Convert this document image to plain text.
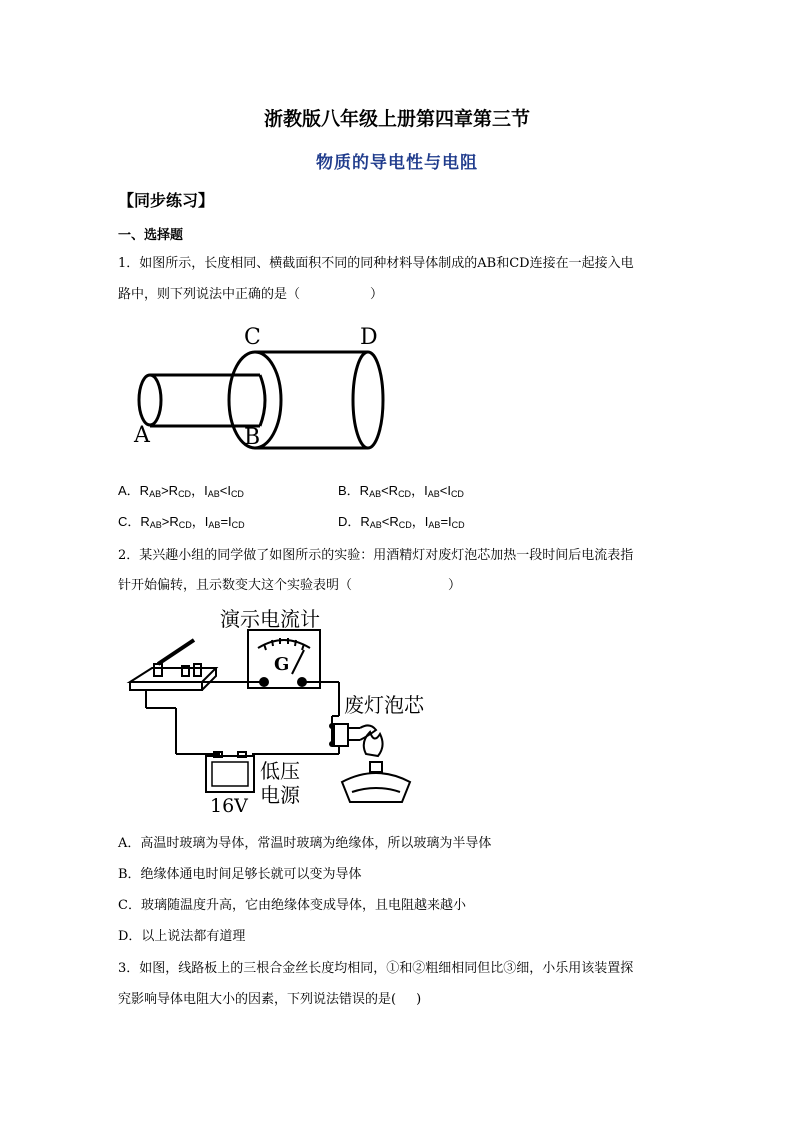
浙教版八年级上册第四章第三节
物质的导电性与电阻
【同步练习】
一、选择题
1．如图所示，长度相同、横截面积不同的同种材料导体制成的AB和CD连接在一起接入电
路中，则下列说法中正确的是（	）
C	D
A	B
A．$R_{AB}>R_{CD}$，$I_{AB}<I_{CD}$	B．$R_{AB}<R_{CD}$，$I_{AB}<I_{CD}$
C．$R_{AB}>R_{CD}$，$I_{AB}=I_{CD}$	D．$R_{AB}<R_{CD}$，$I_{AB}=I_{CD}$
2．某兴趣小组的同学做了如图所示的实验：用酒精灯对废灯泡芯加热一段时间后电流表指
针开始偏转，且示数变大这个实验表明（	）
演示电流计
G
废灯泡芯
低压
电源
16V
A．高温时玻璃为导体，常温时玻璃为绝缘体，所以玻璃为半导体
B．绝缘体通电时间足够长就可以变为导体
C．玻璃随温度升高，它由绝缘体变成导体，且电阻越来越小
D．以上说法都有道理
3．如图，线路板上的三根合金丝长度均相同，①和②粗细相同但比③细，小乐用该装置探
究影响导体电阻大小的因素，下列说法错误的是( )
